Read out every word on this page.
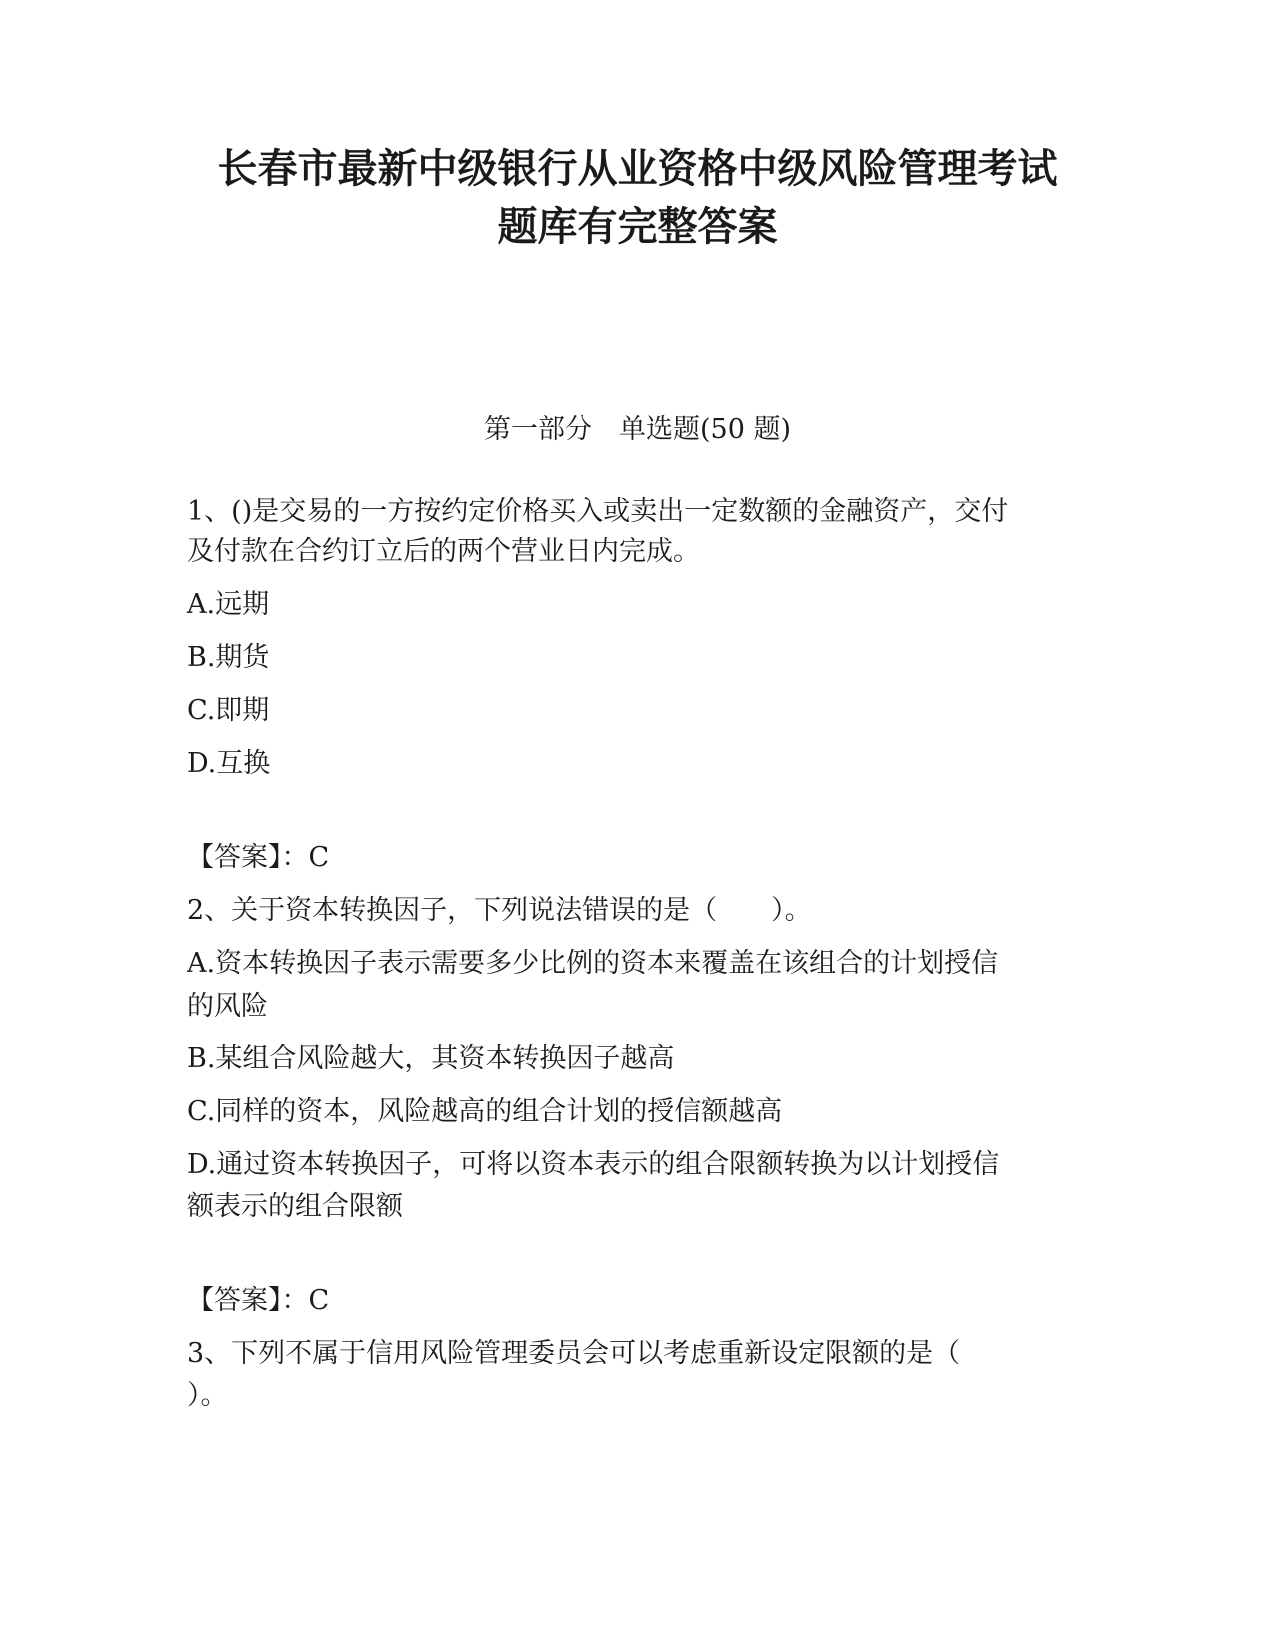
长春市最新中级银行从业资格中级风险管理考试
题库有完整答案
第一部分　单选题(50 题)
1、()是交易的一方按约定价格买入或卖出一定数额的金融资产，交付
及付款在合约订立后的两个营业日内完成。
A.远期
B.期货
C.即期
D.互换
【答案】：C
2、关于资本转换因子，下列说法错误的是（　　）。
A.资本转换因子表示需要多少比例的资本来覆盖在该组合的计划授信
的风险
B.某组合风险越大，其资本转换因子越高
C.同样的资本，风险越高的组合计划的授信额越高
D.通过资本转换因子，可将以资本表示的组合限额转换为以计划授信
额表示的组合限额
【答案】：C
3、下列不属于信用风险管理委员会可以考虑重新设定限额的是（
）。
